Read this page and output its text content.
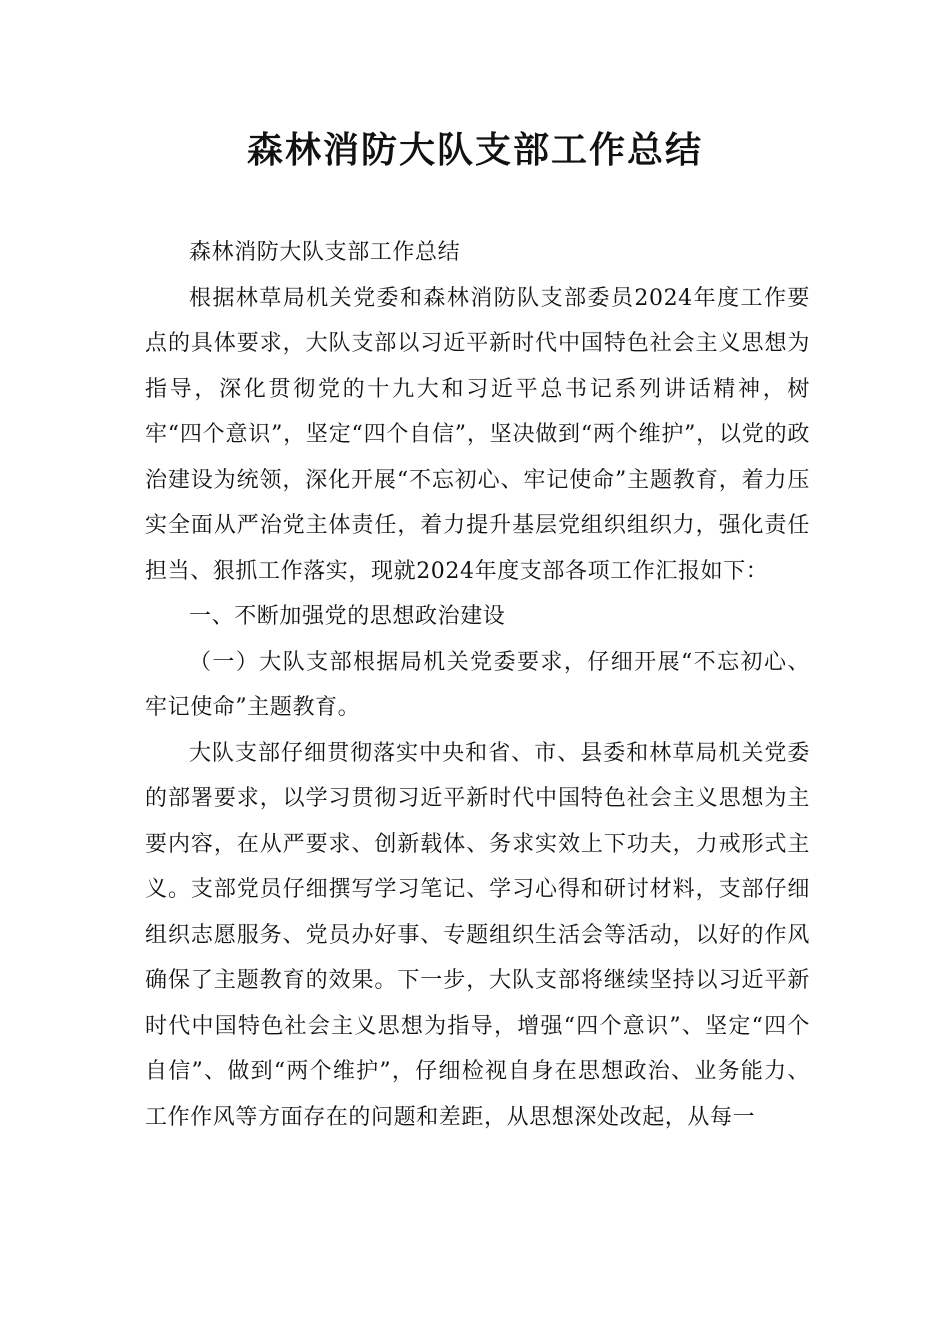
森林消防大队支部工作总结

森林消防大队支部工作总结

根据林草局机关党委和森林消防队支部委员2024年度工作要点的具体要求，大队支部以习近平新时代中国特色社会主义思想为指导，深化贯彻党的十九大和习近平总书记系列讲话精神，树牢“四个意识”，坚定“四个自信”，坚决做到“两个维护”，以党的政治建设为统领，深化开展“不忘初心、牢记使命”主题教育，着力压实全面从严治党主体责任，着力提升基层党组织组织力，强化责任担当、狠抓工作落实，现就2024年度支部各项工作汇报如下：

一、不断加强党的思想政治建设

（一）大队支部根据局机关党委要求，仔细开展“不忘初心、牢记使命”主题教育。

大队支部仔细贯彻落实中央和省、市、县委和林草局机关党委的部署要求，以学习贯彻习近平新时代中国特色社会主义思想为主要内容，在从严要求、创新载体、务求实效上下功夫，力戒形式主义。支部党员仔细撰写学习笔记、学习心得和研讨材料，支部仔细组织志愿服务、党员办好事、专题组织生活会等活动，以好的作风确保了主题教育的效果。下一步，大队支部将继续坚持以习近平新时代中国特色社会主义思想为指导，增强“四个意识”、坚定“四个自信”、做到“两个维护”，仔细检视自身在思想政治、业务能力、工作作风等方面存在的问题和差距，从思想深处改起，从每一
